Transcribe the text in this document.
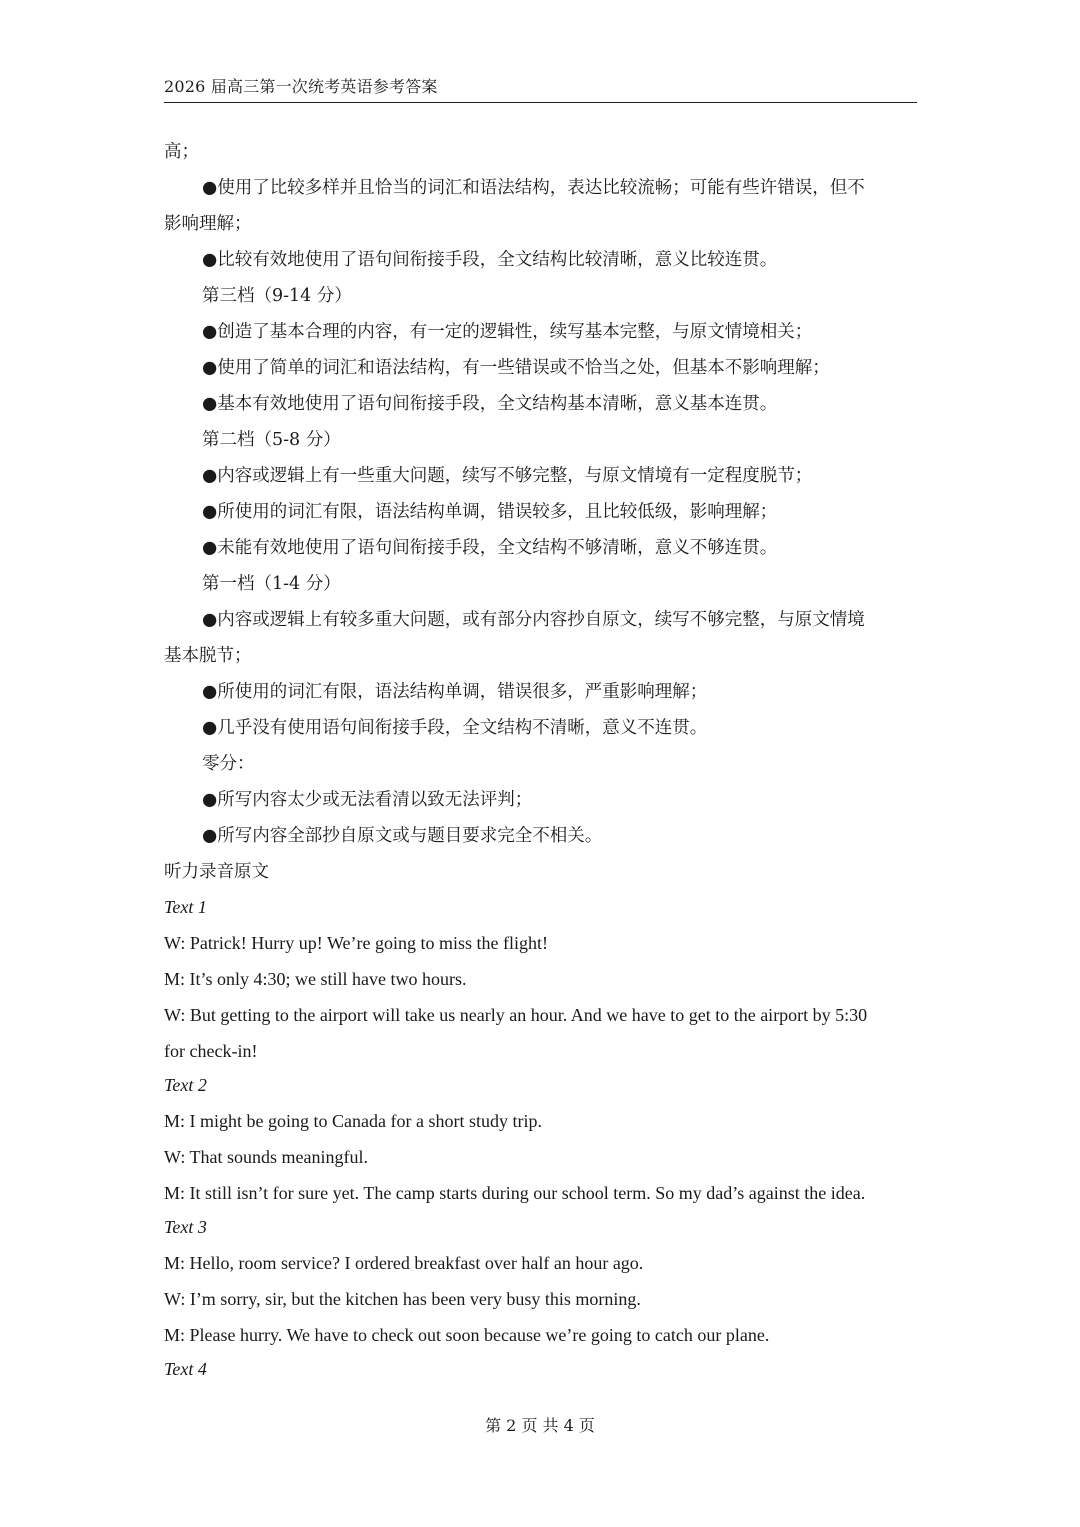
2026 届高三第一次统考英语参考答案
高；
●使用了比较多样并且恰当的词汇和语法结构，表达比较流畅；可能有些许错误，但不
影响理解；
●比较有效地使用了语句间衔接手段，全文结构比较清晰，意义比较连贯。
第三档（9-14 分）
●创造了基本合理的内容，有一定的逻辑性，续写基本完整，与原文情境相关；
●使用了简单的词汇和语法结构，有一些错误或不恰当之处，但基本不影响理解；
●基本有效地使用了语句间衔接手段，全文结构基本清晰，意义基本连贯。
第二档（5-8 分）
●内容或逻辑上有一些重大问题，续写不够完整，与原文情境有一定程度脱节；
●所使用的词汇有限，语法结构单调，错误较多，且比较低级，影响理解；
●未能有效地使用了语句间衔接手段，全文结构不够清晰，意义不够连贯。
第一档（1-4 分）
●内容或逻辑上有较多重大问题，或有部分内容抄自原文，续写不够完整，与原文情境
基本脱节；
●所使用的词汇有限，语法结构单调，错误很多，严重影响理解；
●几乎没有使用语句间衔接手段，全文结构不清晰，意义不连贯。
零分：
●所写内容太少或无法看清以致无法评判；
●所写内容全部抄自原文或与题目要求完全不相关。
听力录音原文
Text 1
W: Patrick! Hurry up! We’re going to miss the flight!
M: It’s only 4:30; we still have two hours.
W: But getting to the airport will take us nearly an hour. And we have to get to the airport by 5:30
for check-in!
Text 2
M: I might be going to Canada for a short study trip.
W: That sounds meaningful.
M: It still isn’t for sure yet. The camp starts during our school term. So my dad’s against the idea.
Text 3
M: Hello, room service? I ordered breakfast over half an hour ago.
W: I’m sorry, sir, but the kitchen has been very busy this morning.
M: Please hurry. We have to check out soon because we’re going to catch our plane.
Text 4
第 2 页 共 4 页
